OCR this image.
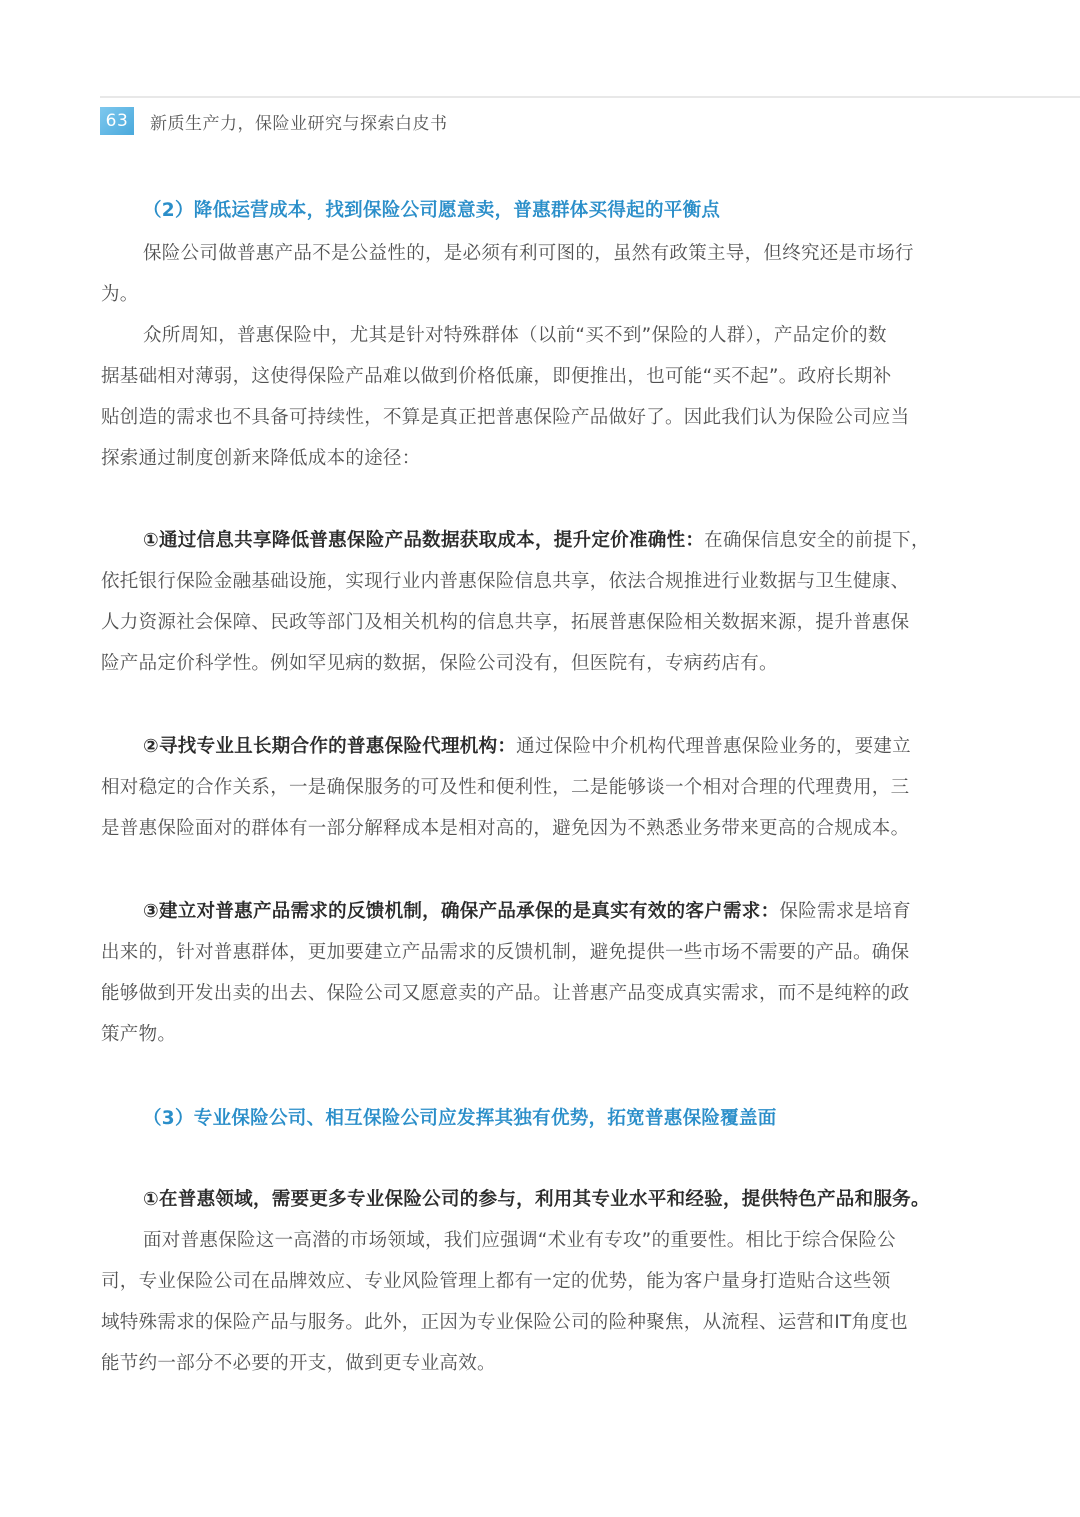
63	新质生产力，保险业研究与探索白皮书
（2）降低运营成本，找到保险公司愿意卖，普惠群体买得起的平衡点
保险公司做普惠产品不是公益性的，是必须有利可图的，虽然有政策主导，但终究还是市场行
为。
众所周知，普惠保险中，尤其是针对特殊群体（以前“买不到”保险的人群），产品定价的数
据基础相对薄弱，这使得保险产品难以做到价格低廉，即便推出，也可能“买不起”。政府长期补
贴创造的需求也不具备可持续性，不算是真正把普惠保险产品做好了。因此我们认为保险公司应当
探索通过制度创新来降低成本的途径：
①通过信息共享降低普惠保险产品数据获取成本，提升定价准确性：在确保信息安全的前提下，
依托银行保险金融基础设施，实现行业内普惠保险信息共享，依法合规推进行业数据与卫生健康、
人力资源社会保障、民政等部门及相关机构的信息共享，拓展普惠保险相关数据来源，提升普惠保
险产品定价科学性。例如罕见病的数据，保险公司没有，但医院有，专病药店有。
②寻找专业且长期合作的普惠保险代理机构：通过保险中介机构代理普惠保险业务的，要建立
相对稳定的合作关系，一是确保服务的可及性和便利性，二是能够谈一个相对合理的代理费用，三
是普惠保险面对的群体有一部分解释成本是相对高的，避免因为不熟悉业务带来更高的合规成本。
③建立对普惠产品需求的反馈机制，确保产品承保的是真实有效的客户需求：保险需求是培育
出来的，针对普惠群体，更加要建立产品需求的反馈机制，避免提供一些市场不需要的产品。确保
能够做到开发出卖的出去、保险公司又愿意卖的产品。让普惠产品变成真实需求，而不是纯粹的政
策产物。
（3）专业保险公司、相互保险公司应发挥其独有优势，拓宽普惠保险覆盖面
①在普惠领域，需要更多专业保险公司的参与，利用其专业水平和经验，提供特色产品和服务。
面对普惠保险这一高潜的市场领域，我们应强调“术业有专攻”的重要性。相比于综合保险公
司，专业保险公司在品牌效应、专业风险管理上都有一定的优势，能为客户量身打造贴合这些领
域特殊需求的保险产品与服务。此外，正因为专业保险公司的险种聚焦，从流程、运营和IT角度也
能节约一部分不必要的开支，做到更专业高效。
